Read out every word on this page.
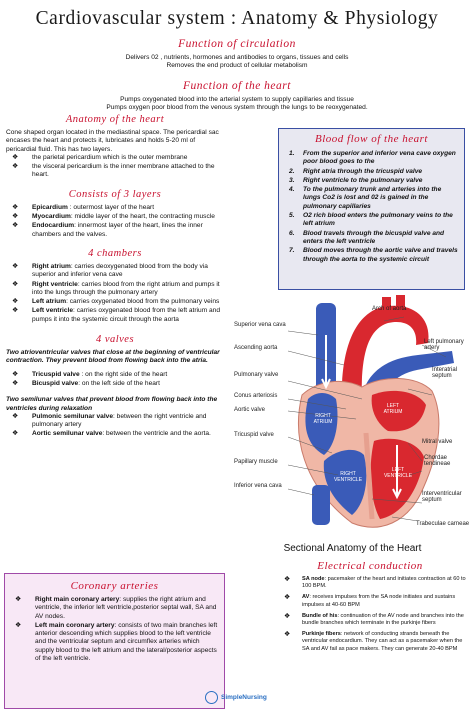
Cardiovascular system : Anatomy & Physiology
Function of circulation
Delivers 02 , nutrients, hormones and antibodies to organs, tissues and cells
Removes the end product of cellular metabolism
Function of the heart
Pumps oxygenated blood into the arterial system to supply capillaries and tissue
Pumps oxygen poor blood from the venous system through the lungs to be reoxygenated.
Anatomy of the heart
Cone shaped organ located in the mediastinal space. The pericardial sac encases the heart and protects it, lubricates and holds 5-20 ml of pericardial fluid. This has two layers.
❖ the parietal pericardium which is the outer membrane
❖ the visceral pericardium is the inner membrane attached to the heart.
Consists of 3 layers
❖ Epicardium : outermost layer of the heart
❖ Myocardium: middle layer of the heart, the contracting muscle
❖ Endocardium: innermost layer of the heart, lines the inner chambers and the valves.
4 chambers
❖ Right atrium: carries deoxygenated blood from the body via superior and inferior vena cave
❖ Right ventricle: carries blood from the right atrium and pumps it into the lungs through the pulmonary artery
❖ Left atrium: carries oxygenated blood from the pulmonary veins
❖ Left ventricle: carries oxygenated blood from the left atrium and pumps it into the systemic circuit through the aorta
4 valves
Two atrioventricular valves that close at the beginning of ventricular contraction. They prevent blood from flowing back into the atria.
❖ Tricuspid valve : on the right side of the heart
❖ Bicuspid valve: on the left side of the heart
Two semilunar valves that prevent blood from flowing back into the ventricles during relaxation
❖ Pulmonic semilunar valve: between the right ventricle and pulmonary artery
❖ Aortic semilunar valve: between the ventricle and the aorta.
Blood flow of the heart
1. From the superior and inferior vena cave oxygen poor blood goes to the
2. Right atria through the tricuspid valve
3. Right ventricle to the pulmonary valve
4. To the pulmonary trunk and arteries into the lungs Co2 is lost and 02 is gained in the pulmonary capillaries
5. O2 rich blood enters the pulmonary veins to the left atrium
6. Blood travels through the bicuspid valve and enters the left ventricle
7. Blood moves through the aortic valve and travels through the aorta to the systemic circuit
Arch of aorta
Superior vena cava
Left pulmonary artery
Ascending aorta
Pulmonary valve
Interatrial septum
Conus arteriosis
Aortic valve
LEFT ATRIUM
RIGHT ATRIUM
Tricuspid valve
Mitral valve
Chordae tendineae
Papillary muscle
RIGHT VENTRICLE
LEFT VENTRICLE
Inferior vena cava
Interventricular septum
Trabeculae carneae
Sectional Anatomy of the Heart
Coronary arteries
❖ Right main coronary artery: supplies the right atrium and ventricle, the inferior left ventricle,posterior septal wall, SA and AV nodes.
❖ Left main coronary artery: consists of two main branches left anterior descending which supplies blood to the left ventricle and the ventricular septum and circumflex arteries which supply blood to the left atrium and the lateral/posterior aspects of the left ventricle.
Electrical conduction
❖ SA node: pacemaker of the heart and initiates contraction at 60 to 100 BPM.
❖ AV: receives impulses from the SA node initiates and sustains impulses at 40-60 BPM
❖ Bundle of his: continuation of the AV node and branches into the bundle branches which terminate in the purkinje fibers
❖ Purkinje fibers: network of conducting strands beneath the ventricular endocardium. They can act as a pacemaker when the SA and AV fail as pace makers. They can generate 20-40 BPM
SimpleNursing
